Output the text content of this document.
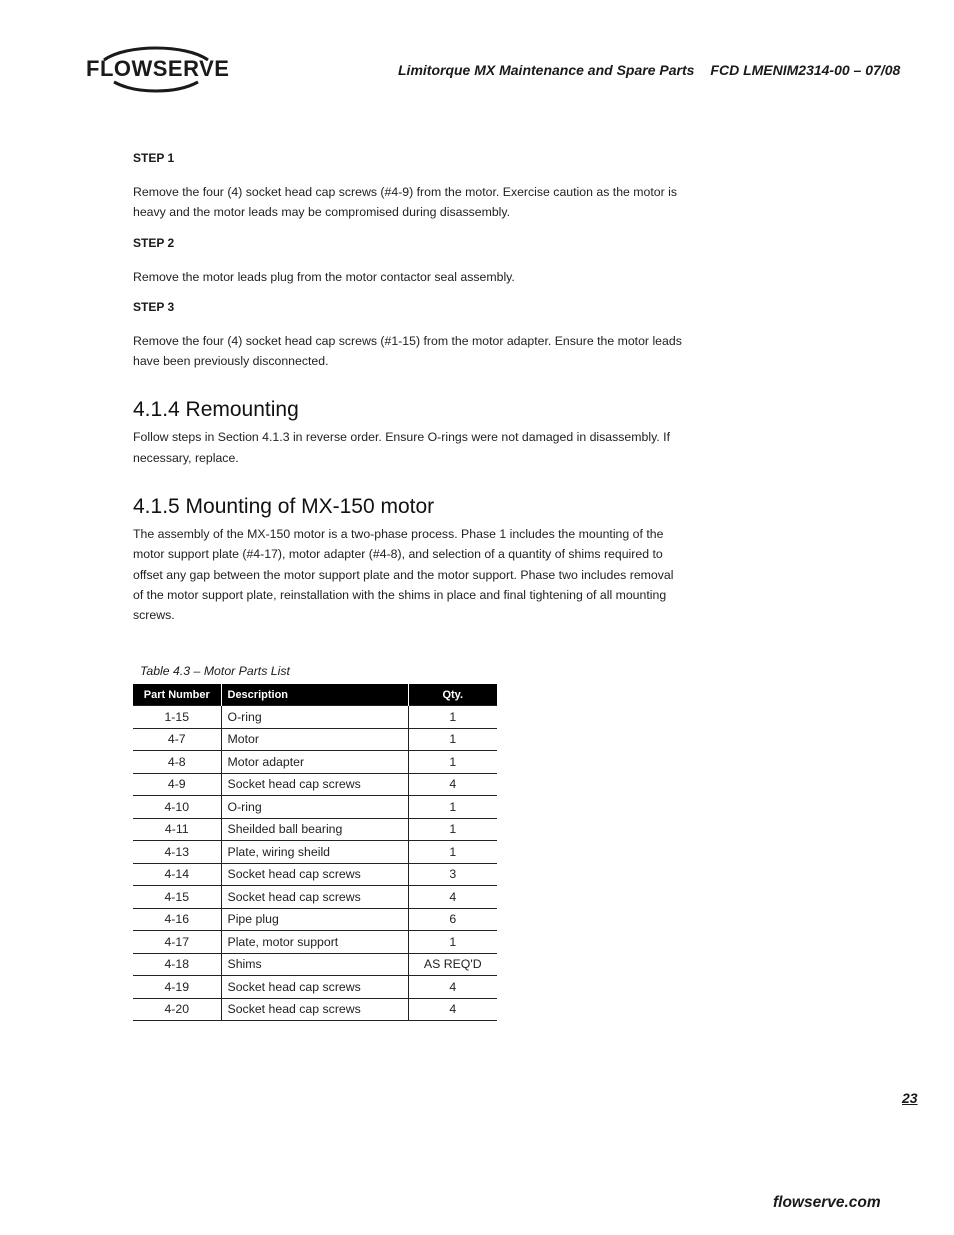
FLOWSERVE	Limitorque MX Maintenance and Spare Parts FCD LMENIM2314-00 – 07/08

STEP 1

Remove the four (4) socket head cap screws (#4-9) from the motor. Exercise caution as the motor is

heavy and the motor leads may be compromised during disassembly.

STEP 2

Remove the motor leads plug from the motor contactor seal assembly.

STEP 3

Remove the four (4) socket head cap screws (#1-15) from the motor adapter. Ensure the motor leads

have been previously disconnected.

4.1.4 Remounting

Follow steps in Section 4.1.3 in reverse order. Ensure O-rings were not damaged in disassembly. If

necessary, replace.

4.1.5 Mounting of MX-150 motor

The assembly of the MX-150 motor is a two-phase process. Phase 1 includes the mounting of the

motor support plate (#4-17), motor adapter (#4-8), and selection of a quantity of shims required to

offset any gap between the motor support plate and the motor support. Phase two includes removal

of the motor support plate, reinstallation with the shims in place and final tightening of all mounting

screws.

Table 4.3 – Motor Parts List
Part Number	Description	Qty.
1-15	O-ring	1
4-7	Motor	1
4-8	Motor adapter	1
4-9	Socket head cap screws	4
4-10	O-ring	1
4-11	Sheilded ball bearing	1
4-13	Plate, wiring sheild	1
4-14	Socket head cap screws	3
4-15	Socket head cap screws	4
4-16	Pipe plug	6
4-17	Plate, motor support	1
4-18	Shims	AS REQ'D
4-19	Socket head cap screws	4
4-20	Socket head cap screws	4
23
flowserve.com
